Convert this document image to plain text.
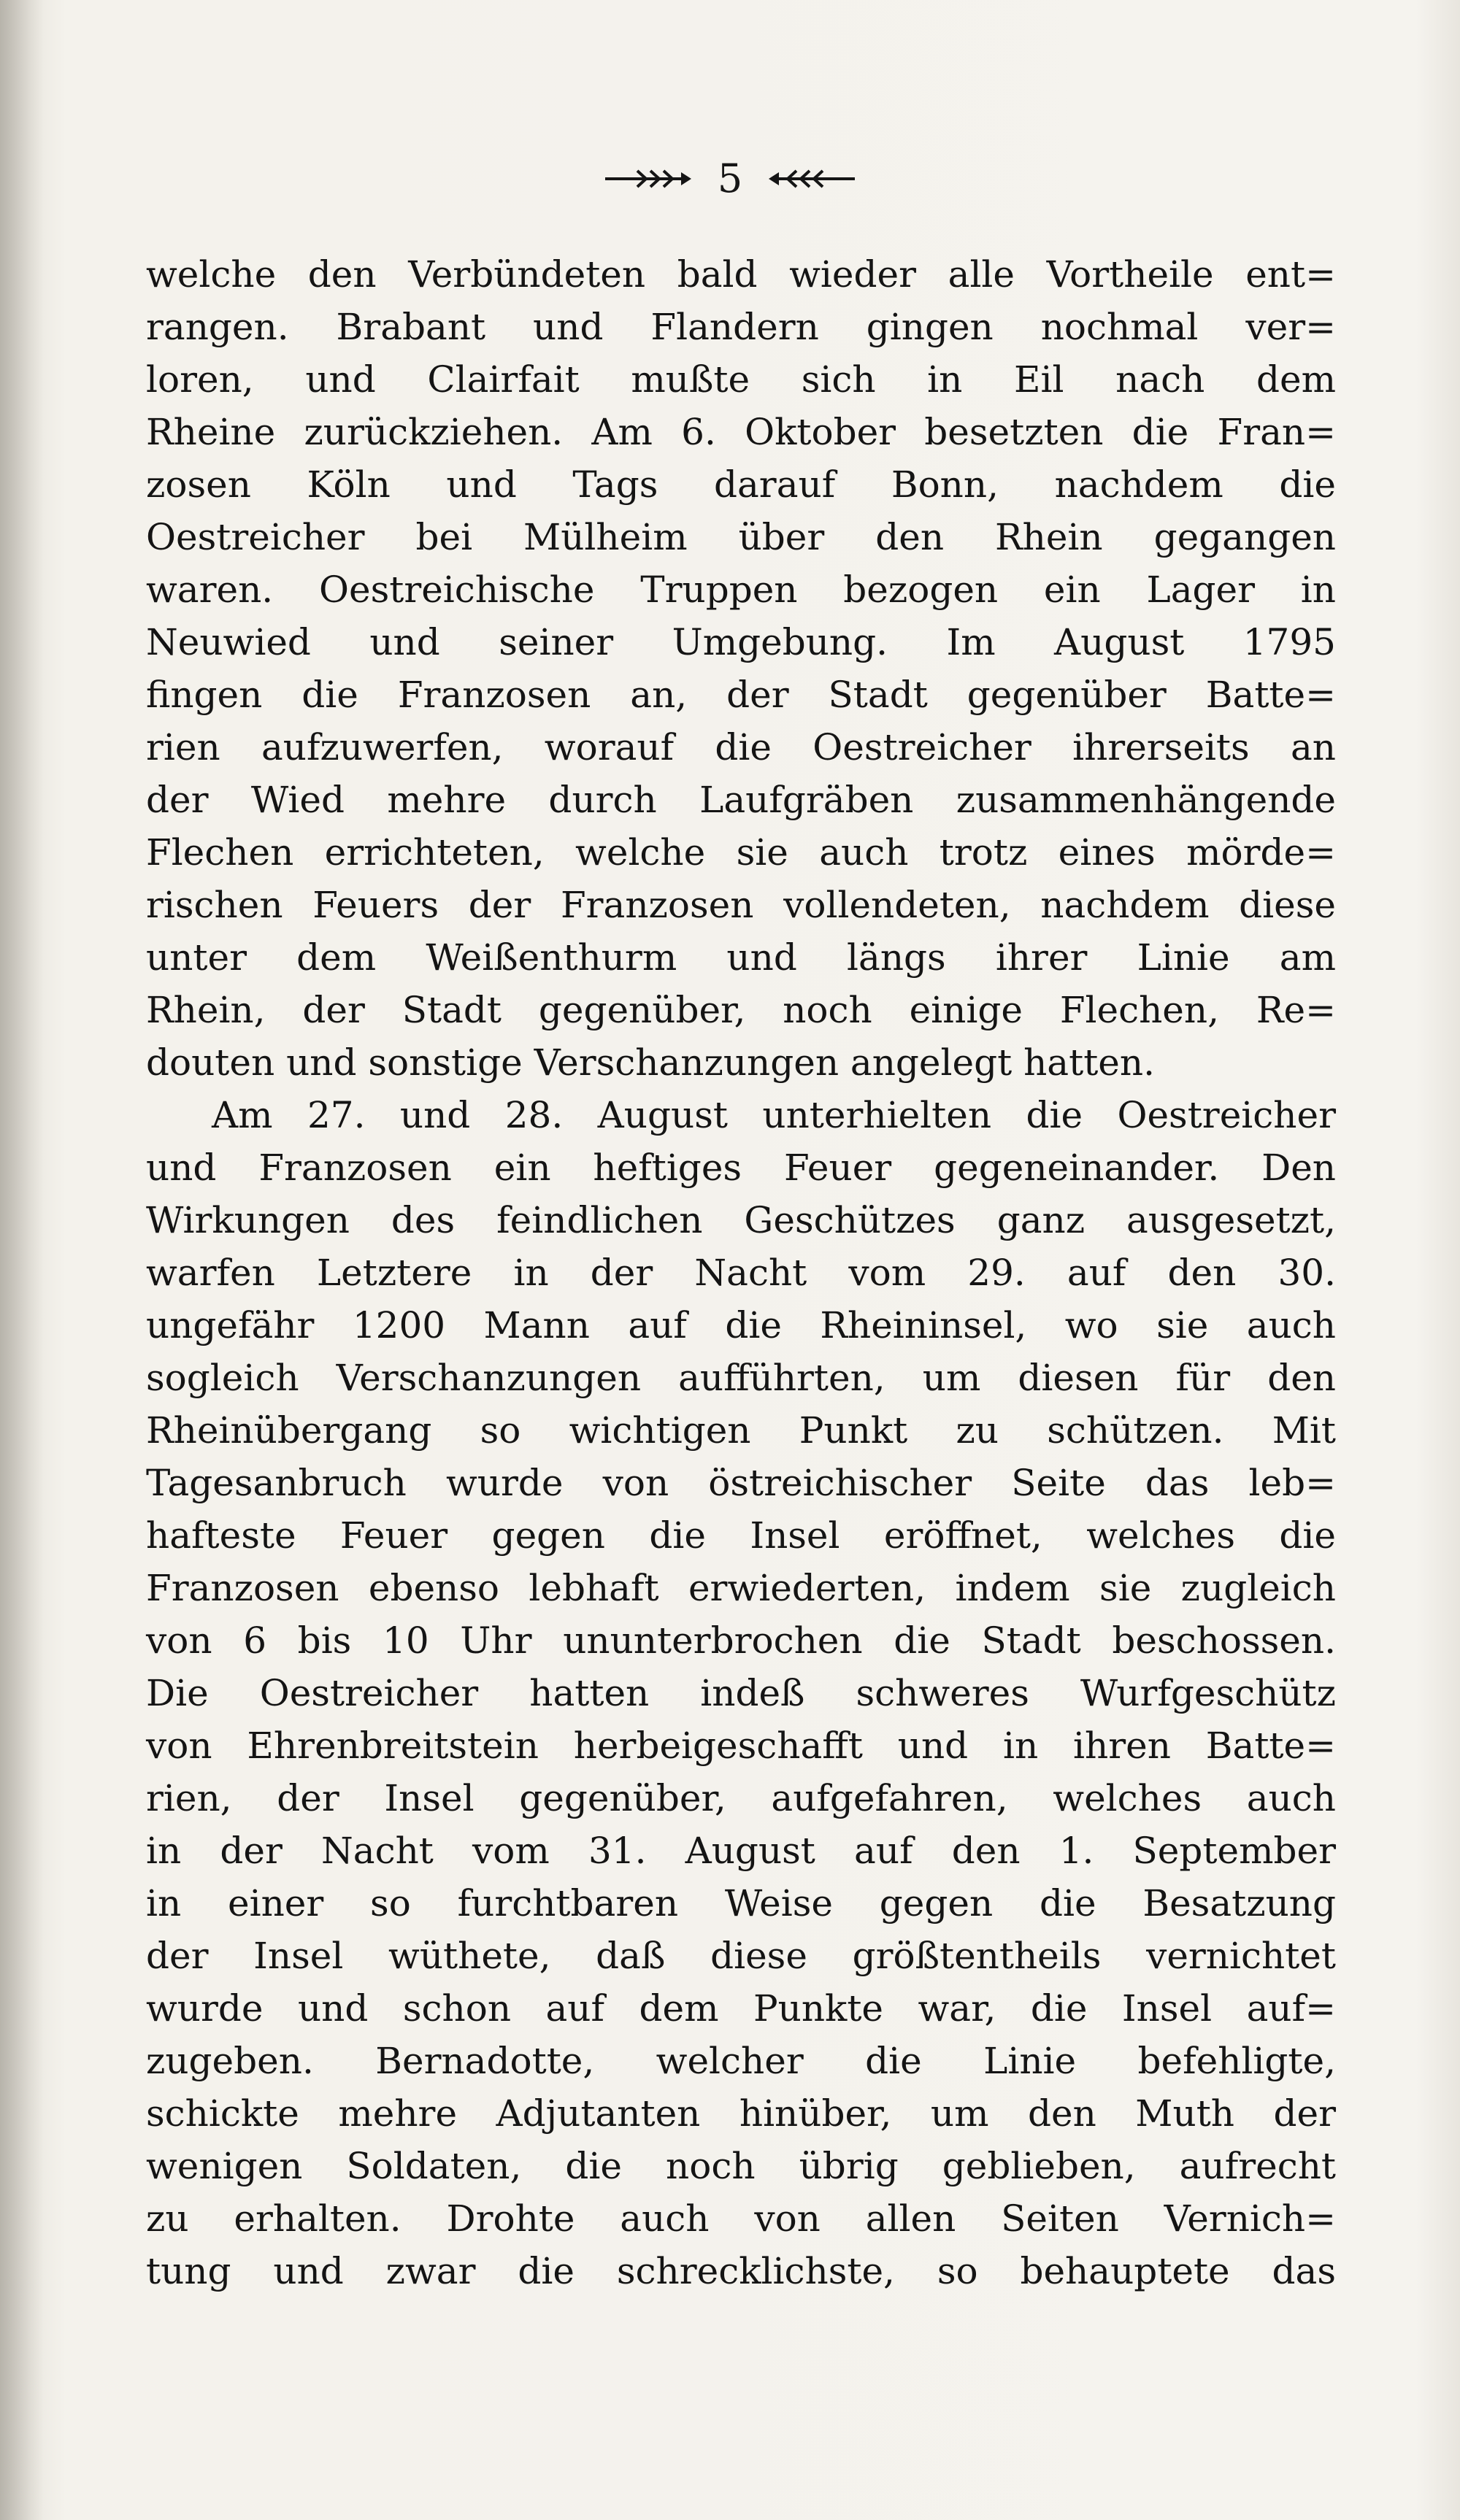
5
welche den Verbündeten bald wieder alle Vortheile ent=
rangen. Brabant und Flandern gingen nochmal ver=
loren, und Clairfait mußte sich in Eil nach dem
Rheine zurückziehen. Am 6. Oktober besetzten die Fran=
zosen Köln und Tags darauf Bonn, nachdem die
Oestreicher bei Mülheim über den Rhein gegangen
waren. Oestreichische Truppen bezogen ein Lager in
Neuwied und seiner Umgebung. Im August 1795
fingen die Franzosen an, der Stadt gegenüber Batte=
rien aufzuwerfen, worauf die Oestreicher ihrerseits an
der Wied mehre durch Laufgräben zusammenhängende
Flechen errichteten, welche sie auch trotz eines mörde=
rischen Feuers der Franzosen vollendeten, nachdem diese
unter dem Weißenthurm und längs ihrer Linie am
Rhein, der Stadt gegenüber, noch einige Flechen, Re=
douten und sonstige Verschanzungen angelegt hatten.
Am 27. und 28. August unterhielten die Oestreicher
und Franzosen ein heftiges Feuer gegeneinander. Den
Wirkungen des feindlichen Geschützes ganz ausgesetzt,
warfen Letztere in der Nacht vom 29. auf den 30.
ungefähr 1200 Mann auf die Rheininsel, wo sie auch
sogleich Verschanzungen aufführten, um diesen für den
Rheinübergang so wichtigen Punkt zu schützen. Mit
Tagesanbruch wurde von östreichischer Seite das leb=
hafteste Feuer gegen die Insel eröffnet, welches die
Franzosen ebenso lebhaft erwiederten, indem sie zugleich
von 6 bis 10 Uhr ununterbrochen die Stadt beschossen.
Die Oestreicher hatten indeß schweres Wurfgeschütz
von Ehrenbreitstein herbeigeschafft und in ihren Batte=
rien, der Insel gegenüber, aufgefahren, welches auch
in der Nacht vom 31. August auf den 1. September
in einer so furchtbaren Weise gegen die Besatzung
der Insel wüthete, daß diese größtentheils vernichtet
wurde und schon auf dem Punkte war, die Insel auf=
zugeben. Bernadotte, welcher die Linie befehligte,
schickte mehre Adjutanten hinüber, um den Muth der
wenigen Soldaten, die noch übrig geblieben, aufrecht
zu erhalten. Drohte auch von allen Seiten Vernich=
tung und zwar die schrecklichste, so behauptete das
